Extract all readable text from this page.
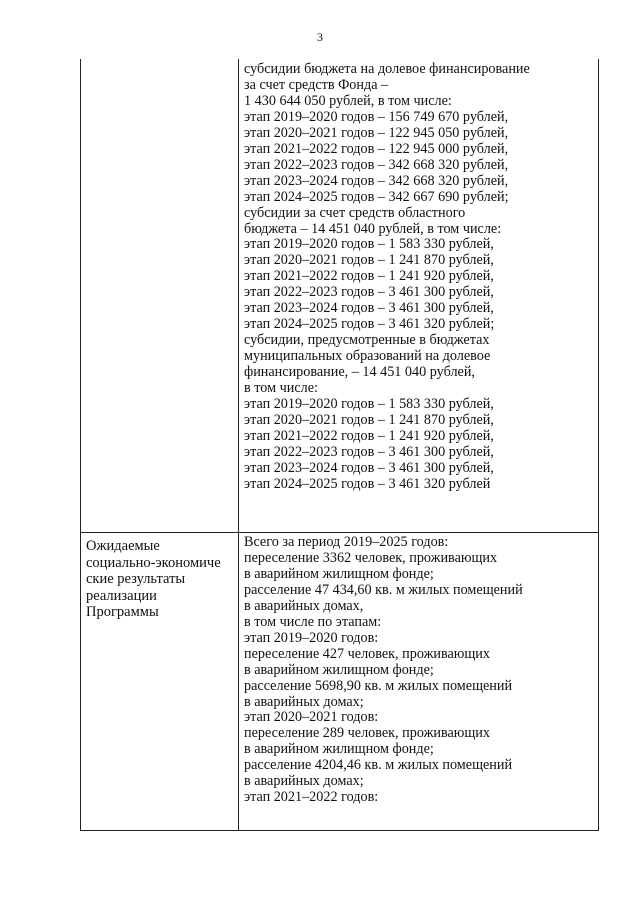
3
субсидии бюджета на долевое финансирование
за счет средств Фонда –
1 430 644 050 рублей, в том числе:
этап 2019–2020 годов – 156 749 670 рублей,
этап 2020–2021 годов – 122 945 050 рублей,
этап 2021–2022 годов – 122 945 000 рублей,
этап 2022–2023 годов – 342 668 320 рублей,
этап 2023–2024 годов – 342 668 320 рублей,
этап 2024–2025 годов – 342 667 690 рублей;
субсидии за счет средств областного
бюджета – 14 451 040 рублей, в том числе:
этап 2019–2020 годов – 1 583 330 рублей,
этап 2020–2021 годов – 1 241 870 рублей,
этап 2021–2022 годов – 1 241 920 рублей,
этап 2022–2023 годов – 3 461 300 рублей,
этап 2023–2024 годов – 3 461 300 рублей,
этап 2024–2025 годов – 3 461 320 рублей;
субсидии, предусмотренные в бюджетах
муниципальных образований на долевое
финансирование, – 14 451 040 рублей,
в том числе:
этап 2019–2020 годов – 1 583 330 рублей,
этап 2020–2021 годов – 1 241 870 рублей,
этап 2021–2022 годов – 1 241 920 рублей,
этап 2022–2023 годов – 3 461 300 рублей,
этап 2023–2024 годов – 3 461 300 рублей,
этап 2024–2025 годов – 3 461 320 рублей
Ожидаемые
социально-экономиче
ские результаты
реализации
Программы
Всего за период 2019–2025 годов:
переселение 3362 человек, проживающих
в аварийном жилищном фонде;
расселение 47 434,60 кв. м жилых помещений
в аварийных домах,
в том числе по этапам:
этап 2019–2020 годов:
переселение 427 человек, проживающих
в аварийном жилищном фонде;
расселение 5698,90 кв. м жилых помещений
в аварийных домах;
этап 2020–2021 годов:
переселение 289 человек, проживающих
в аварийном жилищном фонде;
расселение 4204,46 кв. м жилых помещений
в аварийных домах;
этап 2021–2022 годов:
